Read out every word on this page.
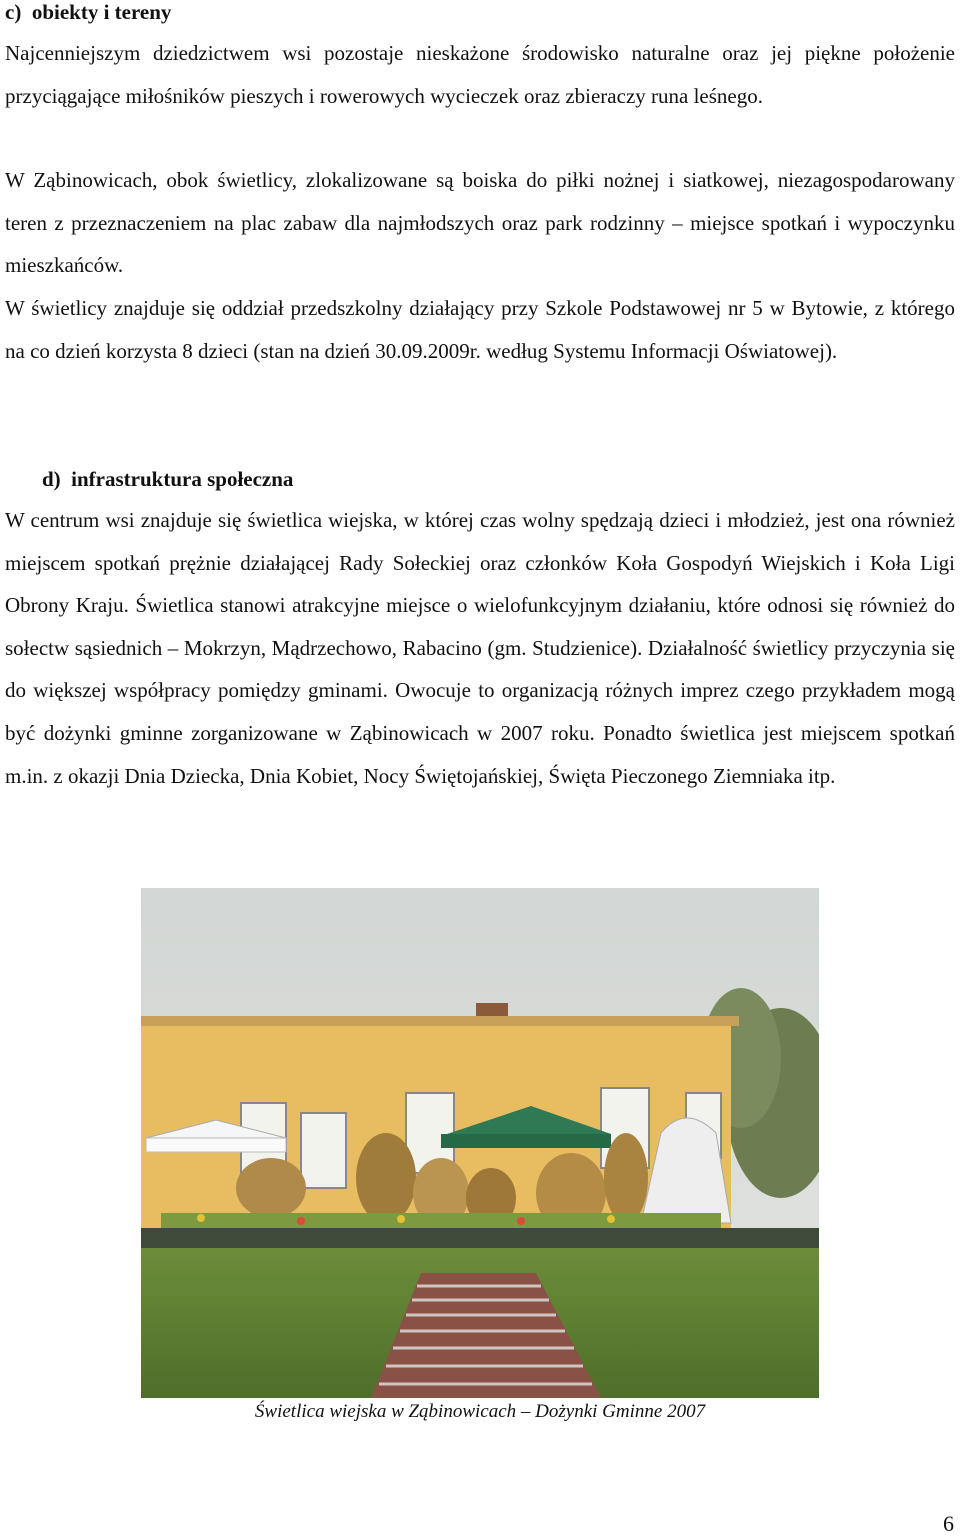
c)  obiekty i tereny

Najcenniejszym dziedzictwem wsi pozostaje nieskażone środowisko naturalne oraz jej piękne położenie przyciągające miłośników pieszych i rowerowych wycieczek oraz zbieraczy runa leśnego.

W Ząbinowicach, obok świetlicy, zlokalizowane są boiska do piłki nożnej i siatkowej, niezagospodarowany teren z przeznaczeniem na plac zabaw dla najmłodszych oraz park rodzinny – miejsce spotkań i wypoczynku mieszkańców.

W świetlicy znajduje się oddział przedszkolny działający przy Szkole Podstawowej nr 5 w Bytowie, z którego na co dzień korzysta 8 dzieci (stan na dzień 30.09.2009r. według Systemu Informacji Oświatowej).

d)  infrastruktura społeczna

W centrum wsi znajduje się świetlica wiejska, w której czas wolny spędzają dzieci i młodzież, jest ona również miejscem spotkań prężnie działającej Rady Sołeckiej oraz członków Koła Gospodyń Wiejskich i Koła Ligi Obrony Kraju. Świetlica stanowi atrakcyjne miejsce o wielofunkcyjnym działaniu, które odnosi się również do sołectw sąsiednich – Mokrzyn, Mądrzechowo, Rabacino (gm. Studzienice). Działalność świetlicy przyczynia się do większej współpracy pomiędzy gminami. Owocuje to organizacją różnych imprez czego przykładem mogą być dożynki gminne zorganizowane w Ząbinowicach w 2007 roku. Ponadto świetlica jest miejscem spotkań m.in. z okazji Dnia Dziecka, Dnia Kobiet, Nocy Świętojańskiej, Święta Pieczonego Ziemniaka itp.

Świetlica wiejska w Ząbinowicach – Dożynki Gminne 2007

6
